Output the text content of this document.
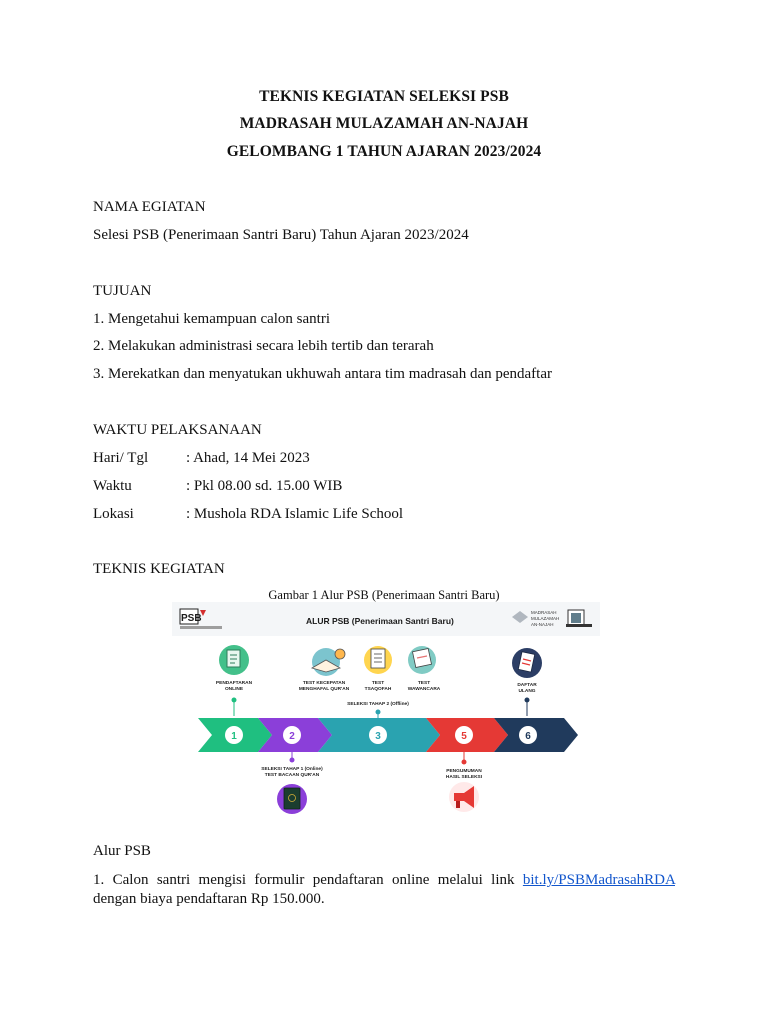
TEKNIS KEGIATAN SELEKSI PSB
MADRASAH MULAZAMAH AN-NAJAH
GELOMBANG 1 TAHUN AJARAN 2023/2024
NAMA EGIATAN
Selesi PSB (Penerimaan Santri Baru) Tahun Ajaran 2023/2024
TUJUAN
1. Mengetahui kemampuan calon santri
2. Melakukan administrasi secara lebih tertib dan terarah
3. Merekatkan dan menyatukan ukhuwah antara tim madrasah dan pendaftar
WAKTU PELAKSANAAN
Hari/ Tgl	: Ahad, 14 Mei 2023
Waktu	: Pkl 08.00 sd. 15.00 WIB
Lokasi	: Mushola RDA Islamic Life School
TEKNIS KEGIATAN
Gambar 1 Alur PSB (Penerimaan Santri Baru)
PSB	ALUR PSB (Penerimaan Santri Baru)
MADRASAH
MULAZAMAH
AN-NAJAH
PENDAFTARAN
ONLINE
TEST KECEPATAN
MENGHAFAL QUR'AN
TEST
TSAQOFAH
TEST
WAWANCARA
DAFTAR
ULANG
SELEKSI TAHAP 2 (Offline)
1	2	3	5	6
SELEKSI TAHAP 1 (Online)
TEST BACAAN QUR'AN
PENGUMUMAN
HASIL SELEKSI
Alur PSB
1. Calon santri mengisi formulir pendaftaran online melalui link bit.ly/PSBMadrasahRDA dengan biaya pendaftaran Rp 150.000.
